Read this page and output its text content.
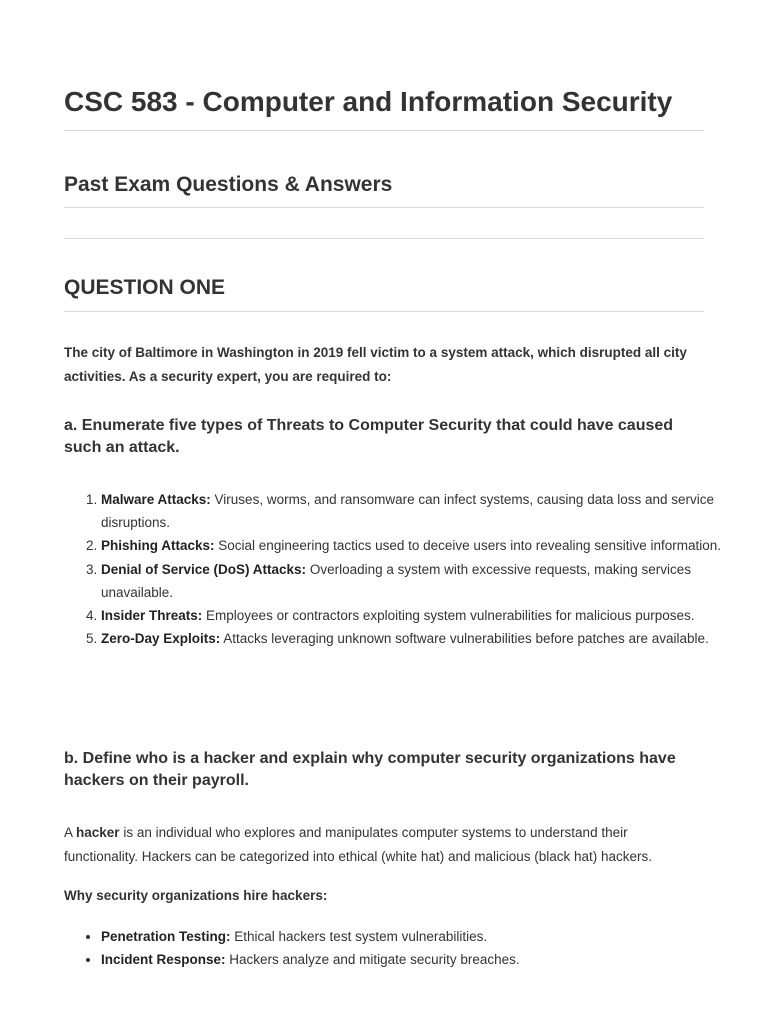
CSC 583 - Computer and Information Security
Past Exam Questions & Answers
QUESTION ONE

The city of Baltimore in Washington in 2019 fell victim to a system attack, which disrupted all city activities. As a security expert, you are required to:

a. Enumerate five types of Threats to Computer Security that could have caused such an attack.
1. Malware Attacks: Viruses, worms, and ransomware can infect systems, causing data loss and service disruptions.
2. Phishing Attacks: Social engineering tactics used to deceive users into revealing sensitive information.
3. Denial of Service (DoS) Attacks: Overloading a system with excessive requests, making services unavailable.
4. Insider Threats: Employees or contractors exploiting system vulnerabilities for malicious purposes.
5. Zero-Day Exploits: Attacks leveraging unknown software vulnerabilities before patches are available.
b. Define who is a hacker and explain why computer security organizations have hackers on their payroll.

A hacker is an individual who explores and manipulates computer systems to understand their functionality. Hackers can be categorized into ethical (white hat) and malicious (black hat) hackers.

Why security organizations hire hackers:

• Penetration Testing: Ethical hackers test system vulnerabilities.
• Incident Response: Hackers analyze and mitigate security breaches.
